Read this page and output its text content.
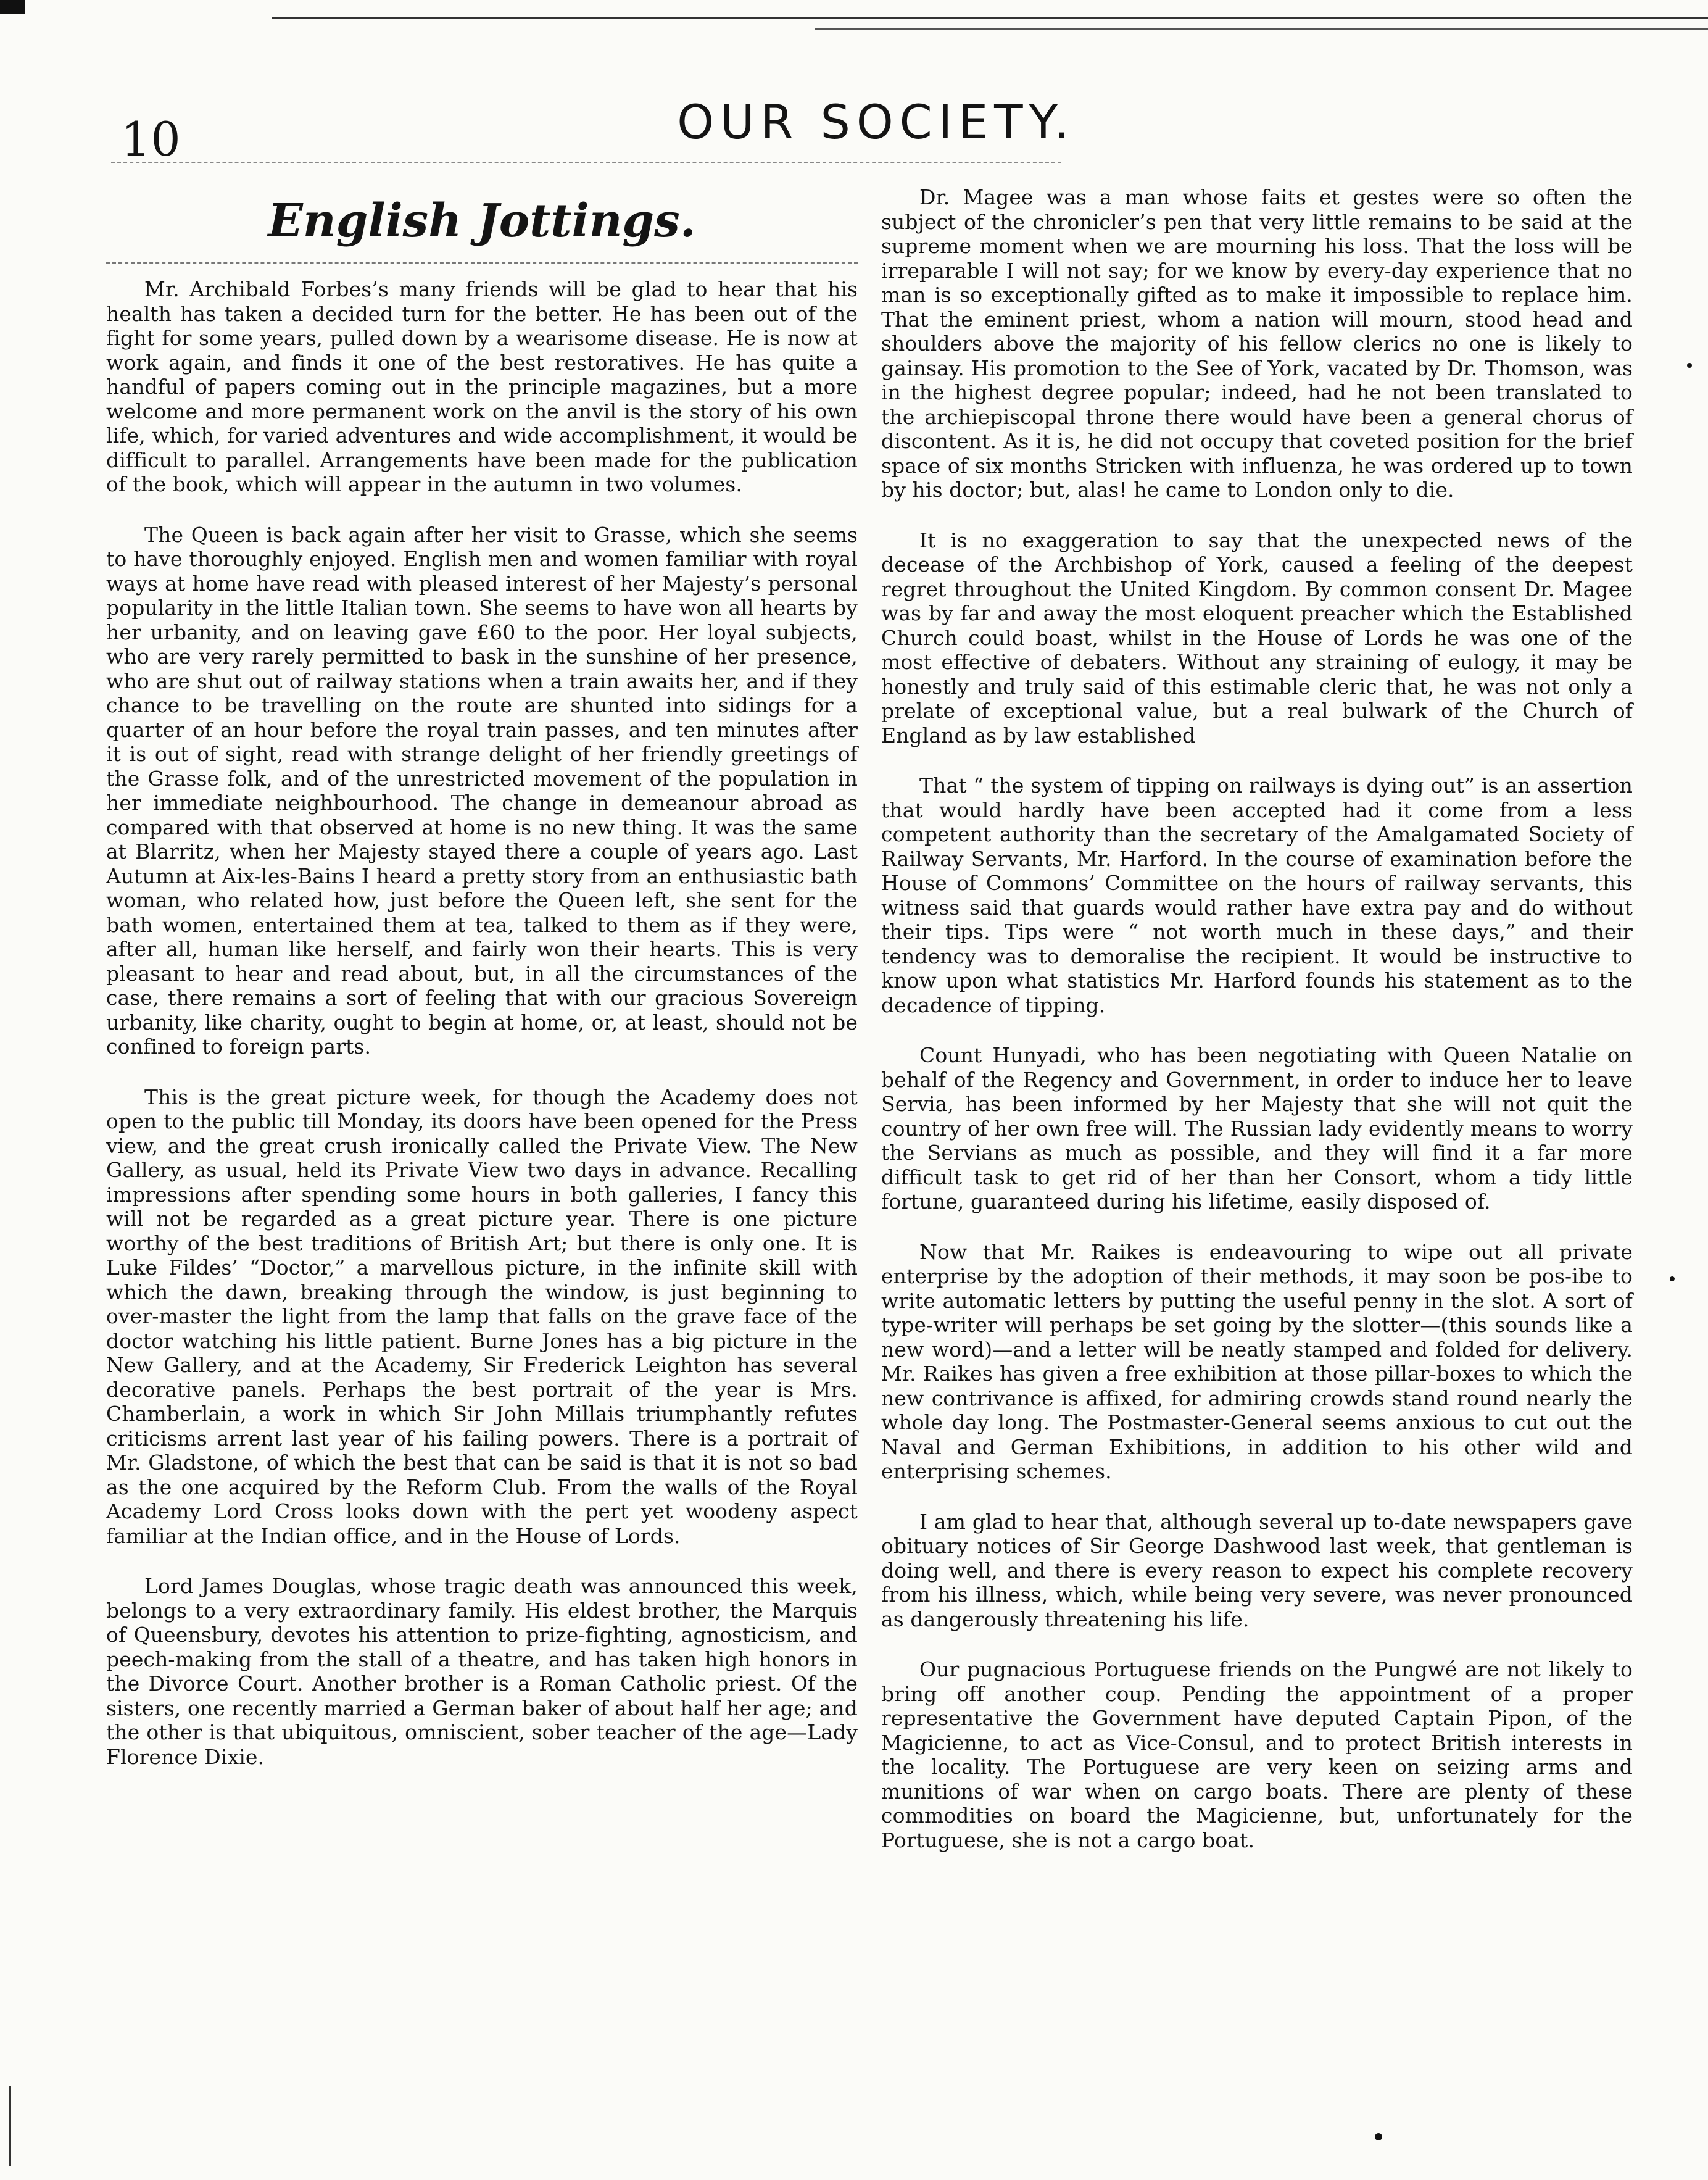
10	OUR SOCIETY.
English Jottings.

Mr. Archibald Forbes’s many friends will be glad to hear that his health has taken a decided turn for the better. He has been out of the fight for some years, pulled down by a wearisome disease. He is now at work again, and finds it one of the best restoratives. He has quite a handful of papers coming out in the principle magazines, but a more welcome and more permanent work on the anvil is the story of his own life, which, for varied adventures and wide accomplishment, it would be difficult to parallel. Arrangements have been made for the publication of the book, which will appear in the autumn in two volumes.

The Queen is back again after her visit to Grasse, which she seems to have thoroughly enjoyed. English men and women familiar with royal ways at home have read with pleased interest of her Majesty’s personal popularity in the little Italian town. She seems to have won all hearts by her urbanity, and on leaving gave £60 to the poor. Her loyal subjects, who are very rarely permitted to bask in the sunshine of her presence, who are shut out of railway stations when a train awaits her, and if they chance to be travelling on the route are shunted into sidings for a quarter of an hour before the royal train passes, and ten minutes after it is out of sight, read with strange delight of her friendly greetings of the Grasse folk, and of the unrestricted movement of the population in her immediate neighbourhood. The change in demeanour abroad as compared with that observed at home is no new thing. It was the same at Blarritz, when her Majesty stayed there a couple of years ago. Last Autumn at Aix-les-Bains I heard a pretty story from an enthusiastic bath woman, who related how, just before the Queen left, she sent for the bath women, entertained them at tea, talked to them as if they were, after all, human like herself, and fairly won their hearts. This is very pleasant to hear and read about, but, in all the circumstances of the case, there remains a sort of feeling that with our gracious Sovereign urbanity, like charity, ought to begin at home, or, at least, should not be confined to foreign parts.

This is the great picture week, for though the Academy does not open to the public till Monday, its doors have been opened for the Press view, and the great crush ironically called the Private View. The New Gallery, as usual, held its Private View two days in advance. Recalling impressions after spending some hours in both galleries, I fancy this will not be regarded as a great picture year. There is one picture worthy of the best traditions of British Art; but there is only one. It is Luke Fildes’ “Doctor,” a marvellous picture, in the infinite skill with which the dawn, breaking through the window, is just beginning to over-master the light from the lamp that falls on the grave face of the doctor watching his little patient. Burne Jones has a big picture in the New Gallery, and at the Academy, Sir Frederick Leighton has several decorative panels. Perhaps the best portrait of the year is Mrs. Chamberlain, a work in which Sir John Millais triumphantly refutes criticisms arrent last year of his failing powers. There is a portrait of Mr. Gladstone, of which the best that can be said is that it is not so bad as the one acquired by the Reform Club. From the walls of the Royal Academy Lord Cross looks down with the pert yet woodeny aspect familiar at the Indian office, and in the House of Lords.

Lord James Douglas, whose tragic death was announced this week, belongs to a very extraordinary family. His eldest brother, the Marquis of Queensbury, devotes his attention to prize-fighting, agnosticism, and peech-making from the stall of a theatre, and has taken high honors in the Divorce Court. Another brother is a Roman Catholic priest. Of the sisters, one recently married a German baker of about half her age; and the other is that ubiquitous, omniscient, sober teacher of the age—Lady Florence Dixie.

Dr. Magee was a man whose faits et gestes were so often the subject of the chronicler’s pen that very little remains to be said at the supreme moment when we are mourning his loss. That the loss will be irreparable I will not say; for we know by every-day experience that no man is so exceptionally gifted as to make it impossible to replace him. That the eminent priest, whom a nation will mourn, stood head and shoulders above the majority of his fellow clerics no one is likely to gainsay. His promotion to the See of York, vacated by Dr. Thomson, was in the highest degree popular; indeed, had he not been translated to the archiepiscopal throne there would have been a general chorus of discontent. As it is, he did not occupy that coveted position for the brief space of six months Stricken with influenza, he was ordered up to town by his doctor; but, alas! he came to London only to die.

It is no exaggeration to say that the unexpected news of the decease of the Archbishop of York, caused a feeling of the deepest regret throughout the United Kingdom. By common consent Dr. Magee was by far and away the most eloquent preacher which the Established Church could boast, whilst in the House of Lords he was one of the most effective of debaters. Without any straining of eulogy, it may be honestly and truly said of this estimable cleric that, he was not only a prelate of exceptional value, but a real bulwark of the Church of England as by law established

That “ the system of tipping on railways is dying out” is an assertion that would hardly have been accepted had it come from a less competent authority than the secretary of the Amalgamated Society of Railway Servants, Mr. Harford. In the course of examination before the House of Commons’ Committee on the hours of railway servants, this witness said that guards would rather have extra pay and do without their tips. Tips were “ not worth much in these days,” and their tendency was to demoralise the recipient. It would be instructive to know upon what statistics Mr. Harford founds his statement as to the decadence of tipping.

Count Hunyadi, who has been negotiating with Queen Natalie on behalf of the Regency and Government, in order to induce her to leave Servia, has been informed by her Majesty that she will not quit the country of her own free will. The Russian lady evidently means to worry the Servians as much as possible, and they will find it a far more difficult task to get rid of her than her Consort, whom a tidy little fortune, guaranteed during his lifetime, easily disposed of.

Now that Mr. Raikes is endeavouring to wipe out all private enterprise by the adoption of their methods, it may soon be pos-ibe to write automatic letters by putting the useful penny in the slot. A sort of type-writer will perhaps be set going by the slotter—(this sounds like a new word)—and a letter will be neatly stamped and folded for delivery. Mr. Raikes has given a free exhibition at those pillar-boxes to which the new contrivance is affixed, for admiring crowds stand round nearly the whole day long. The Postmaster-General seems anxious to cut out the Naval and German Exhibitions, in addition to his other wild and enterprising schemes.

I am glad to hear that, although several up to-date newspapers gave obituary notices of Sir George Dashwood last week, that gentleman is doing well, and there is every reason to expect his complete recovery from his illness, which, while being very severe, was never pronounced as dangerously threatening his life.

Our pugnacious Portuguese friends on the Pungwé are not likely to bring off another coup. Pending the appointment of a proper representative the Government have deputed Captain Pipon, of the Magicienne, to act as Vice-Consul, and to protect British interests in the locality. The Portuguese are very keen on seizing arms and munitions of war when on cargo boats. There are plenty of these commodities on board the Magicienne, but, unfortunately for the Portuguese, she is not a cargo boat.
